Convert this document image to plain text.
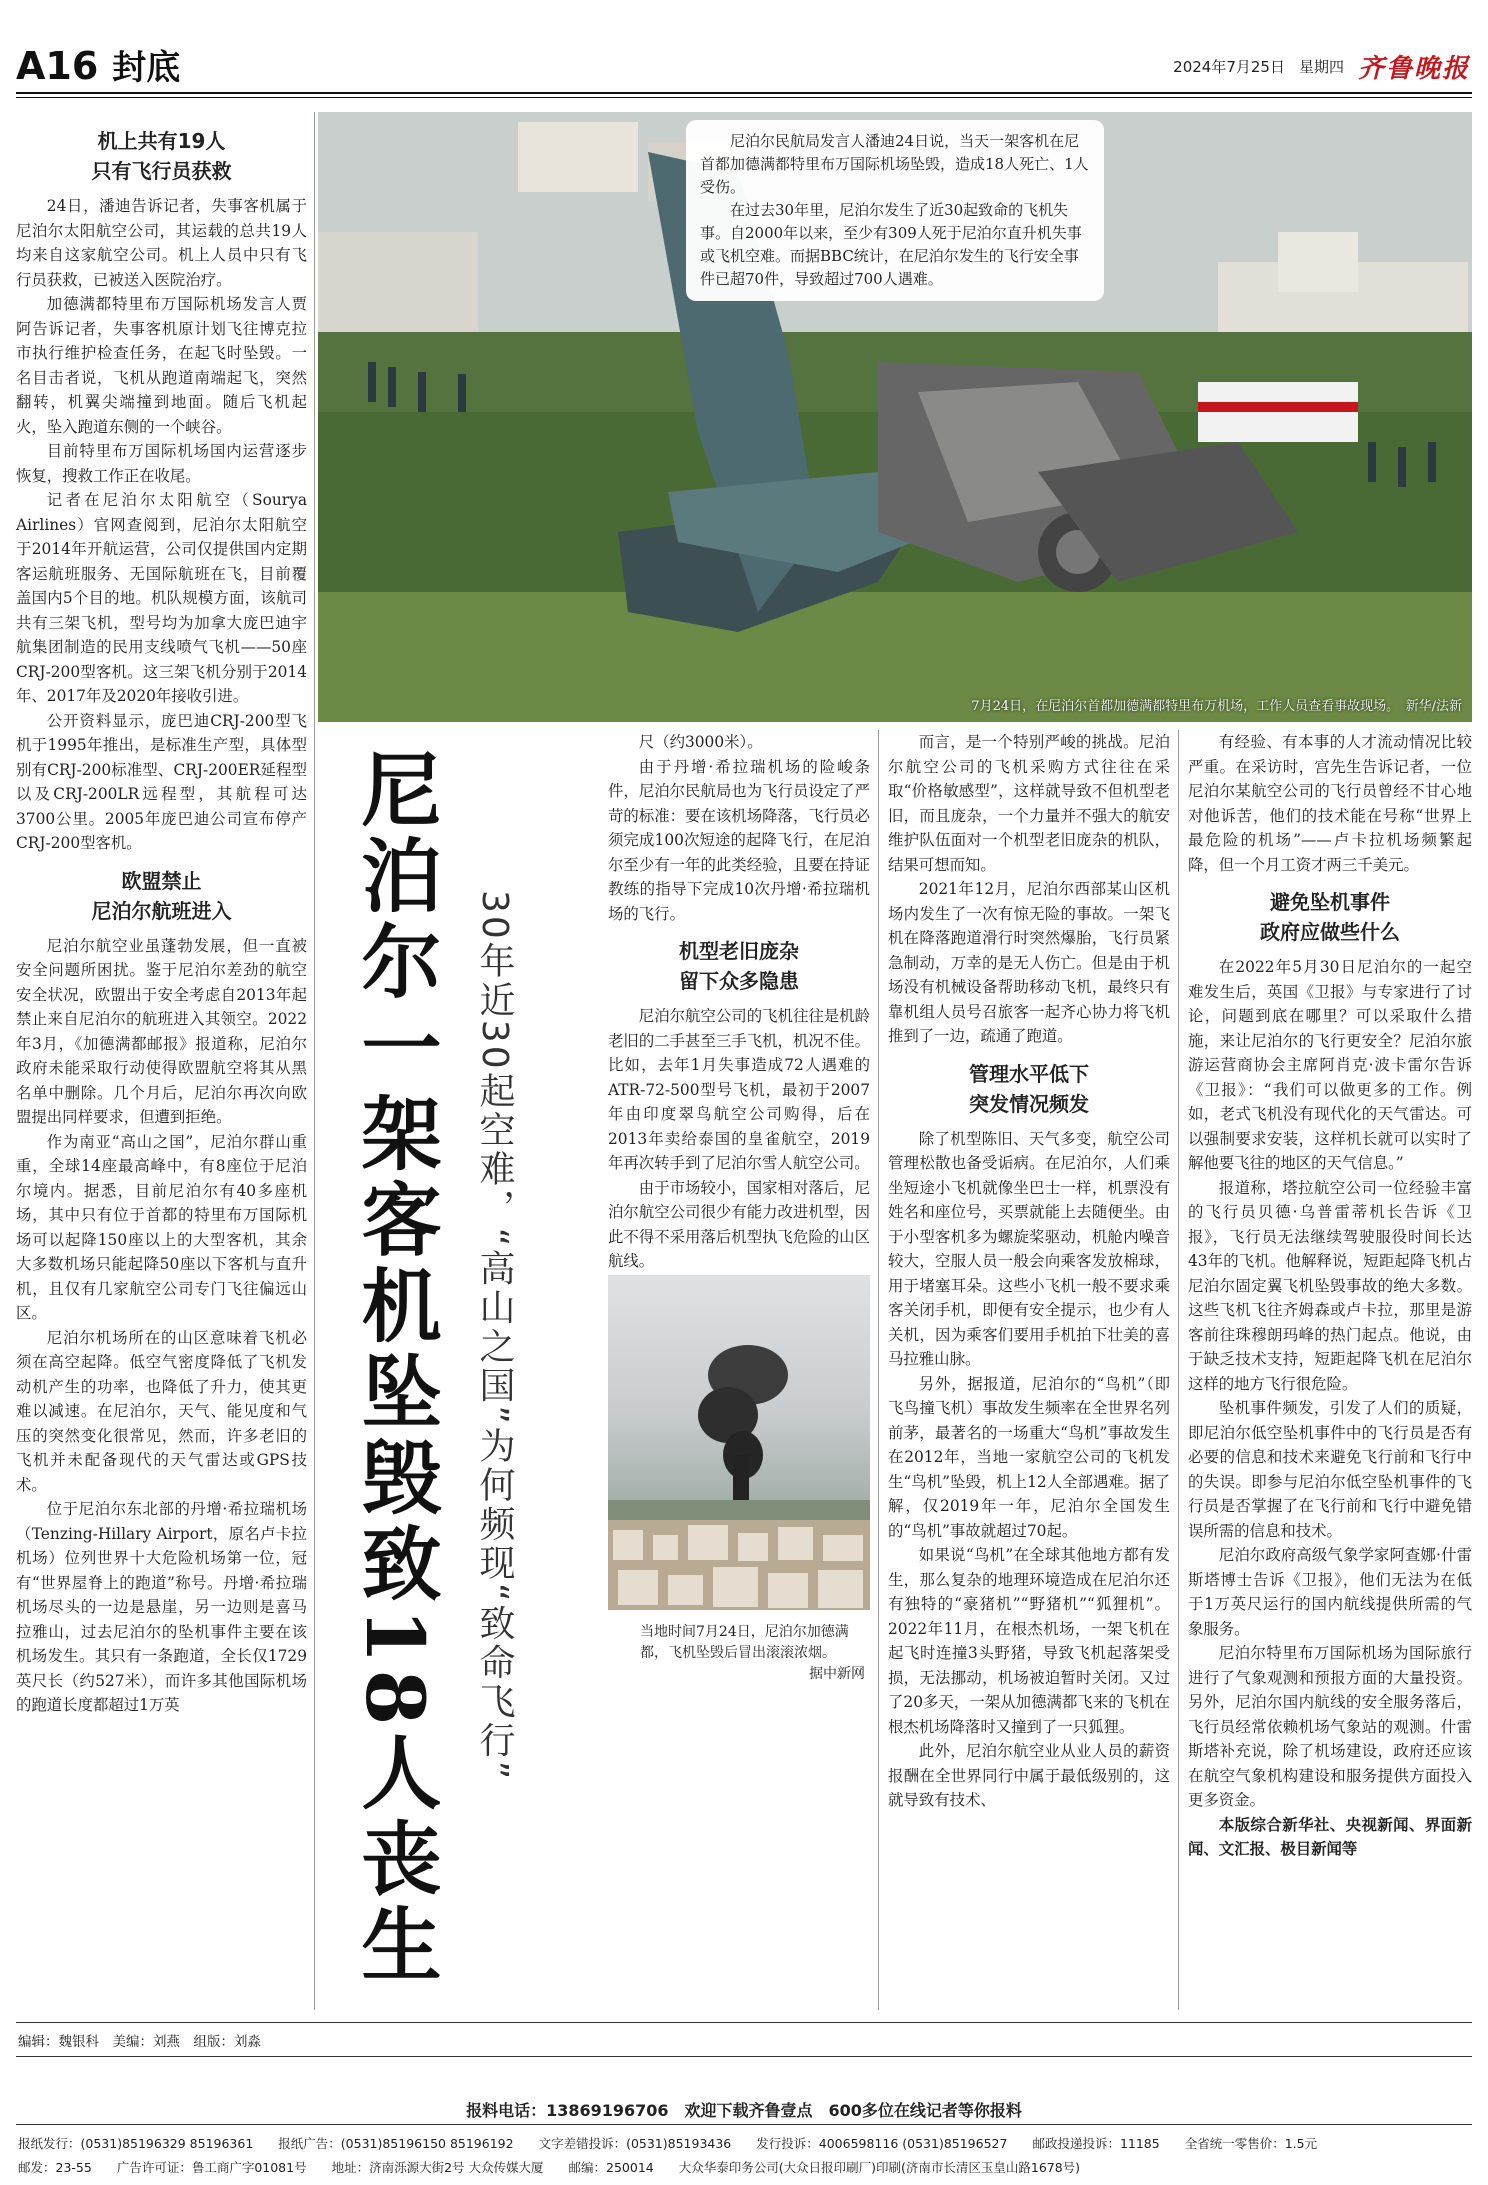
A16 封底	2024年7月25日 星期四 齐鲁晚报
机上共有19人
只有飞行员获救

24日，潘迪告诉记者，失事客机属于尼泊尔太阳航空公司，其运载的总共19人均来自这家航空公司。机上人员中只有飞行员获救，已被送入医院治疗。

加德满都特里布万国际机场发言人贾阿告诉记者，失事客机原计划飞往博克拉市执行维护检查任务，在起飞时坠毁。一名目击者说，飞机从跑道南端起飞，突然翻转，机翼尖端撞到地面。随后飞机起火，坠入跑道东侧的一个峡谷。

目前特里布万国际机场国内运营逐步恢复，搜救工作正在收尾。

记者在尼泊尔太阳航空（Sourya Airlines）官网查阅到，尼泊尔太阳航空于2014年开航运营，公司仅提供国内定期客运航班服务、无国际航班在飞，目前覆盖国内5个目的地。机队规模方面，该航司共有三架飞机，型号均为加拿大庞巴迪宇航集团制造的民用支线喷气飞机——50座CRJ-200型客机。这三架飞机分别于2014年、2017年及2020年接收引进。

公开资料显示，庞巴迪CRJ-200型飞机于1995年推出，是标准生产型，具体型别有CRJ-200标准型、CRJ-200ER延程型以及CRJ-200LR远程型，其航程可达3700公里。2005年庞巴迪公司宣布停产CRJ-200型客机。

欧盟禁止
尼泊尔航班进入

尼泊尔航空业虽蓬勃发展，但一直被安全问题所困扰。鉴于尼泊尔差劲的航空安全状况，欧盟出于安全考虑自2013年起禁止来自尼泊尔的航班进入其领空。2022年3月，《加德满都邮报》报道称，尼泊尔政府未能采取行动使得欧盟航空将其从黑名单中删除。几个月后，尼泊尔再次向欧盟提出同样要求，但遭到拒绝。

作为南亚“高山之国”，尼泊尔群山重重，全球14座最高峰中，有8座位于尼泊尔境内。据悉，目前尼泊尔有40多座机场，其中只有位于首都的特里布万国际机场可以起降150座以上的大型客机，其余大多数机场只能起降50座以下客机与直升机，且仅有几家航空公司专门飞往偏远山区。

尼泊尔机场所在的山区意味着飞机必须在高空起降。低空气密度降低了飞机发动机产生的功率，也降低了升力，使其更难以减速。在尼泊尔，天气、能见度和气压的突然变化很常见，然而，许多老旧的飞机并未配备现代的天气雷达或GPS技术。

位于尼泊尔东北部的丹增·希拉瑞机场（Tenzing-Hillary Airport，原名卢卡拉机场）位列世界十大危险机场第一位，冠有“世界屋脊上的跑道”称号。丹增·希拉瑞机场尽头的一边是悬崖，另一边则是喜马拉雅山，过去尼泊尔的坠机事件主要在该机场发生。其只有一条跑道，全长仅1729英尺长（约527米），而许多其他国际机场的跑道长度都超过1万英

尼泊尔民航局发言人潘迪24日说，当天一架客机在尼首都加德满都特里布万国际机场坠毁，造成18人死亡、1人受伤。

在过去30年里，尼泊尔发生了近30起致命的飞机失事。自2000年以来，至少有309人死于尼泊尔直升机失事或飞机空难。而据BBC统计，在尼泊尔发生的飞行安全事件已超70件，导致超过700人遇难。

7月24日，在尼泊尔首都加德满都特里布万机场，工作人员查看事故现场。　新华/法新
尼泊尔一架客机坠毁致18人丧生 30年近30起空难，“高山之国”为何频现“致命飞行”

尺（约3000米）。

由于丹增·希拉瑞机场的险峻条件，尼泊尔民航局也为飞行员设定了严苛的标准：要在该机场降落，飞行员必须完成100次短途的起降飞行，在尼泊尔至少有一年的此类经验，且要在持证教练的指导下完成10次丹增·希拉瑞机场的飞行。

机型老旧庞杂
留下众多隐患

尼泊尔航空公司的飞机往往是机龄老旧的二手甚至三手飞机，机况不佳。比如，去年1月失事造成72人遇难的ATR-72-500型号飞机，最初于2007年由印度翠鸟航空公司购得，后在2013年卖给泰国的皇雀航空，2019年再次转手到了尼泊尔雪人航空公司。

由于市场较小，国家相对落后，尼泊尔航空公司很少有能力改进机型，因此不得不采用落后机型执飞危险的山区航线。

当地时间7月24日，尼泊尔加德满都，飞机坠毁后冒出滚滚浓烟。
据中新网

而言，是一个特别严峻的挑战。尼泊尔航空公司的飞机采购方式往往在采取“价格敏感型”，这样就导致不但机型老旧，而且庞杂，一个力量并不强大的航安维护队伍面对一个机型老旧庞杂的机队，结果可想而知。

2021年12月，尼泊尔西部某山区机场内发生了一次有惊无险的事故。一架飞机在降落跑道滑行时突然爆胎，飞行员紧急制动，万幸的是无人伤亡。但是由于机场没有机械设备帮助移动飞机，最终只有靠机组人员号召旅客一起齐心协力将飞机推到了一边，疏通了跑道。

管理水平低下
突发情况频发

除了机型陈旧、天气多变，航空公司管理松散也备受诟病。在尼泊尔，人们乘坐短途小飞机就像坐巴士一样，机票没有姓名和座位号，买票就能上去随便坐。由于小型客机多为螺旋桨驱动，机舱内噪音较大，空服人员一般会向乘客发放棉球，用于堵塞耳朵。这些小飞机一般不要求乘客关闭手机，即便有安全提示，也少有人关机，因为乘客们要用手机拍下壮美的喜马拉雅山脉。

另外，据报道，尼泊尔的“鸟机”（即飞鸟撞飞机）事故发生频率在全世界名列前茅，最著名的一场重大“鸟机”事故发生在2012年，当地一家航空公司的飞机发生“鸟机”坠毁，机上12人全部遇难。据了解，仅2019年一年，尼泊尔全国发生的“鸟机”事故就超过70起。

如果说“鸟机”在全球其他地方都有发生，那么复杂的地理环境造成在尼泊尔还有独特的“豪猪机”“野猪机”“狐狸机”。2022年11月，在根杰机场，一架飞机在起飞时连撞3头野猪，导致飞机起落架受损，无法挪动，机场被迫暂时关闭。又过了20多天，一架从加德满都飞来的飞机在根杰机场降落时又撞到了一只狐狸。

此外，尼泊尔航空业从业人员的薪资报酬在全世界同行中属于最低级别的，这就导致有技术、

有经验、有本事的人才流动情况比较严重。在采访时，宫先生告诉记者，一位尼泊尔某航空公司的飞行员曾经不甘心地对他诉苦，他们的技术能在号称“世界上最危险的机场”——卢卡拉机场频繁起降，但一个月工资才两三千美元。

避免坠机事件
政府应做些什么

在2022年5月30日尼泊尔的一起空难发生后，英国《卫报》与专家进行了讨论，问题到底在哪里？可以采取什么措施，来让尼泊尔的飞行更安全？尼泊尔旅游运营商协会主席阿肖克·波卡雷尔告诉《卫报》：“我们可以做更多的工作。例如，老式飞机没有现代化的天气雷达。可以强制要求安装，这样机长就可以实时了解他要飞往的地区的天气信息。”

报道称，塔拉航空公司一位经验丰富的飞行员贝德·乌普雷蒂机长告诉《卫报》，飞行员无法继续驾驶服役时间长达43年的飞机。他解释说，短距起降飞机占尼泊尔固定翼飞机坠毁事故的绝大多数。这些飞机飞往齐姆森或卢卡拉，那里是游客前往珠穆朗玛峰的热门起点。他说，由于缺乏技术支持，短距起降飞机在尼泊尔这样的地方飞行很危险。

坠机事件频发，引发了人们的质疑，即尼泊尔低空坠机事件中的飞行员是否有必要的信息和技术来避免飞行前和飞行中的失误。即参与尼泊尔低空坠机事件的飞行员是否掌握了在飞行前和飞行中避免错误所需的信息和技术。

尼泊尔政府高级气象学家阿查娜·什雷斯塔博士告诉《卫报》，他们无法为在低于1万英尺运行的国内航线提供所需的气象服务。

尼泊尔特里布万国际机场为国际旅行进行了气象观测和预报方面的大量投资。另外，尼泊尔国内航线的安全服务落后，飞行员经常依赖机场气象站的观测。什雷斯塔补充说，除了机场建设，政府还应该在航空气象机构建设和服务提供方面投入更多资金。

本版综合新华社、央视新闻、界面新闻、文汇报、极目新闻等

编辑：魏银科　美编：刘燕　组版：刘淼
报料电话：13869196706　欢迎下载齐鲁壹点　600多位在线记者等你报料
报纸发行：(0531)85196329 85196361　　报纸广告：(0531)85196150 85196192　　文字差错投诉：(0531)85193436　　发行投诉：4006598116 (0531)85196527　　邮政投递投诉：11185　　全省统一零售价：1.5元
邮发：23-55　　广告许可证：鲁工商广字01081号　　地址：济南泺源大街2号 大众传媒大厦　　邮编：250014　　大众华泰印务公司(大众日报印刷厂)印刷(济南市长清区玉皇山路1678号)
